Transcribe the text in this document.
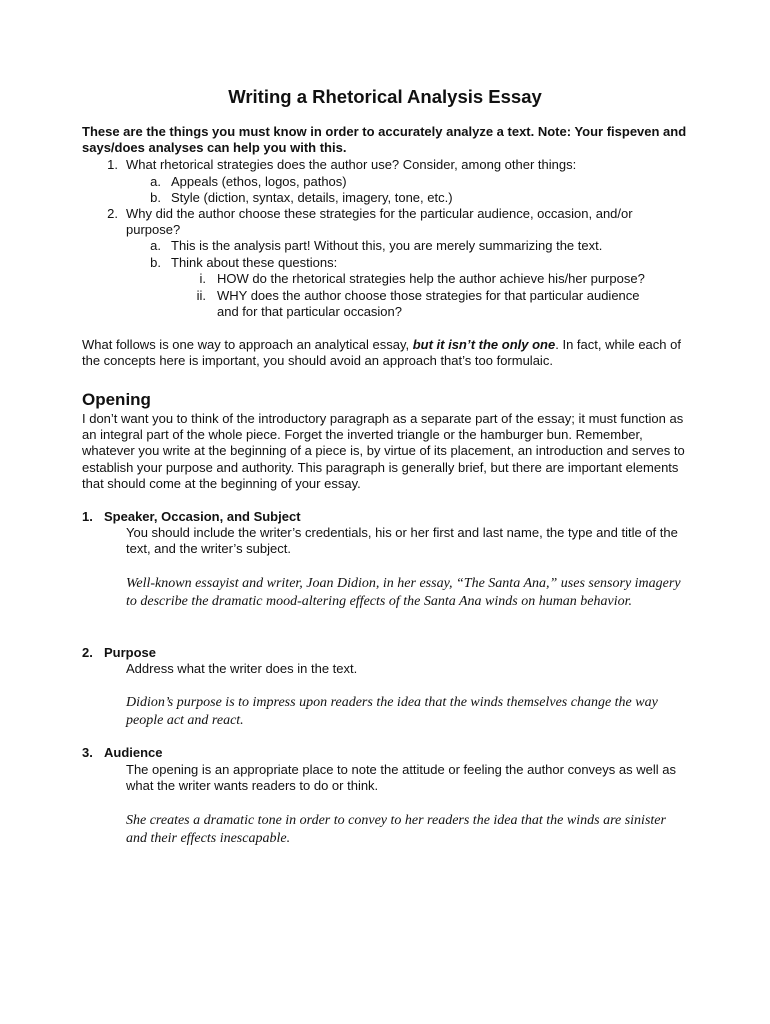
Writing a Rhetorical Analysis Essay

These are the things you must know in order to accurately analyze a text. Note: Your fispeven and says/does analyses can help you with this.

1. What rhetorical strategies does the author use? Consider, among other things:
a. Appeals (ethos, logos, pathos)
b. Style (diction, syntax, details, imagery, tone, etc.)
2. Why did the author choose these strategies for the particular audience, occasion, and/or
purpose?
a. This is the analysis part! Without this, you are merely summarizing the text.
b. Think about these questions:
i. HOW do the rhetorical strategies help the author achieve his/her purpose?
ii. WHY does the author choose those strategies for that particular audience
and for that particular occasion?

What follows is one way to approach an analytical essay, but it isn’t the only one. In fact, while each of the concepts here is important, you should avoid an approach that’s too formulaic.

Opening

I don’t want you to think of the introductory paragraph as a separate part of the essay; it must function as an integral part of the whole piece. Forget the inverted triangle or the hamburger bun. Remember, whatever you write at the beginning of a piece is, by virtue of its placement, an introduction and serves to establish your purpose and authority. This paragraph is generally brief, but there are important elements that should come at the beginning of your essay.

1. Speaker, Occasion, and Subject

You should include the writer’s credentials, his or her first and last name, the type and title of the text, and the writer’s subject.

Well-known essayist and writer, Joan Didion, in her essay, “The Santa Ana,” uses sensory imagery to describe the dramatic mood-altering effects of the Santa Ana winds on human behavior.

2. Purpose

Address what the writer does in the text.

Didion’s purpose is to impress upon readers the idea that the winds themselves change the way people act and react.

3. Audience

The opening is an appropriate place to note the attitude or feeling the author conveys as well as what the writer wants readers to do or think.

She creates a dramatic tone in order to convey to her readers the idea that the winds are sinister and their effects inescapable.
